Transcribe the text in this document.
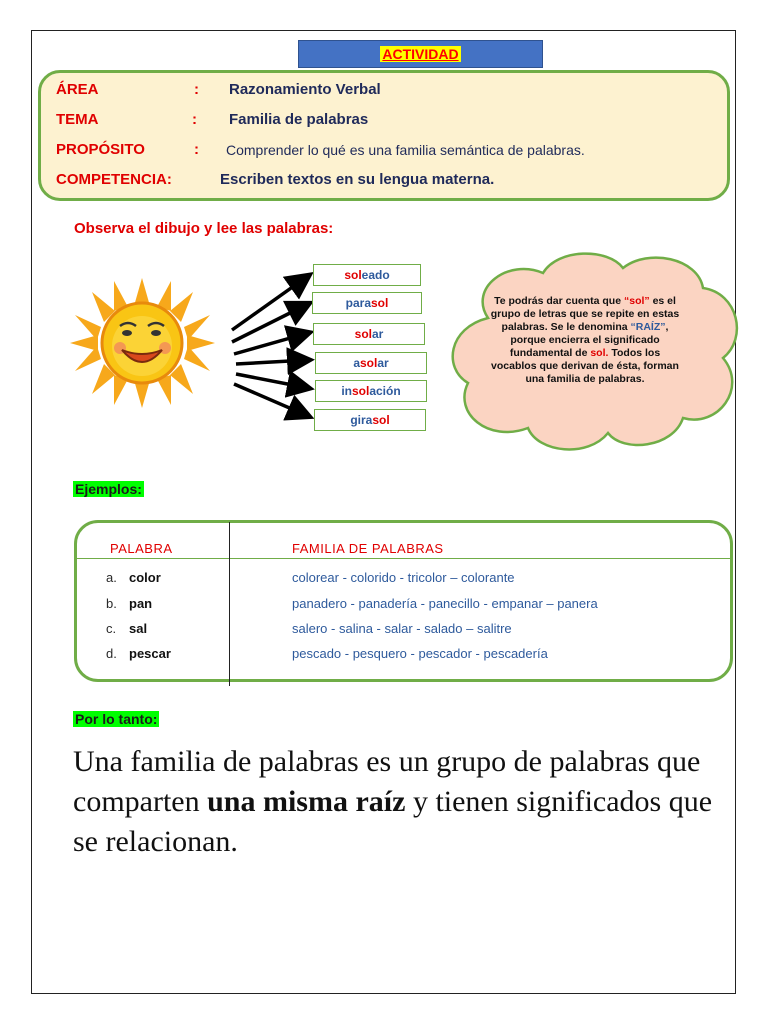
ACTIVIDAD
ÁREA	: Razonamiento Verbal
TEMA	: Familia de palabras
PROPÓSITO	: Comprender lo qué es una familia semántica de palabras.
COMPETENCIA:	Escriben textos en su lengua materna.
Observa el dibujo y lee las palabras:
sol eado
para sol
sol ar
a sol ar
in sol ación
gira sol
Te podrás dar cuenta que “sol” es el grupo de letras que se repite en estas palabras. Se le denomina “RAÍZ”, porque encierra el significado fundamental de sol. Todos los vocablos que derivan de ésta, forman una familia de palabras.
Ejemplos:
PALABRA	FAMILIA DE PALABRAS
a. color	colorear - colorido - tricolor – colorante
b. pan	panadero - panadería - panecillo - empanar – panera
c. sal	salero - salina - salar - salado – salitre
d. pescar	pescado - pesquero - pescador - pescadería
Por lo tanto:
Una familia de palabras es un grupo de palabras que comparten una misma raíz y tienen significados que se relacionan.
